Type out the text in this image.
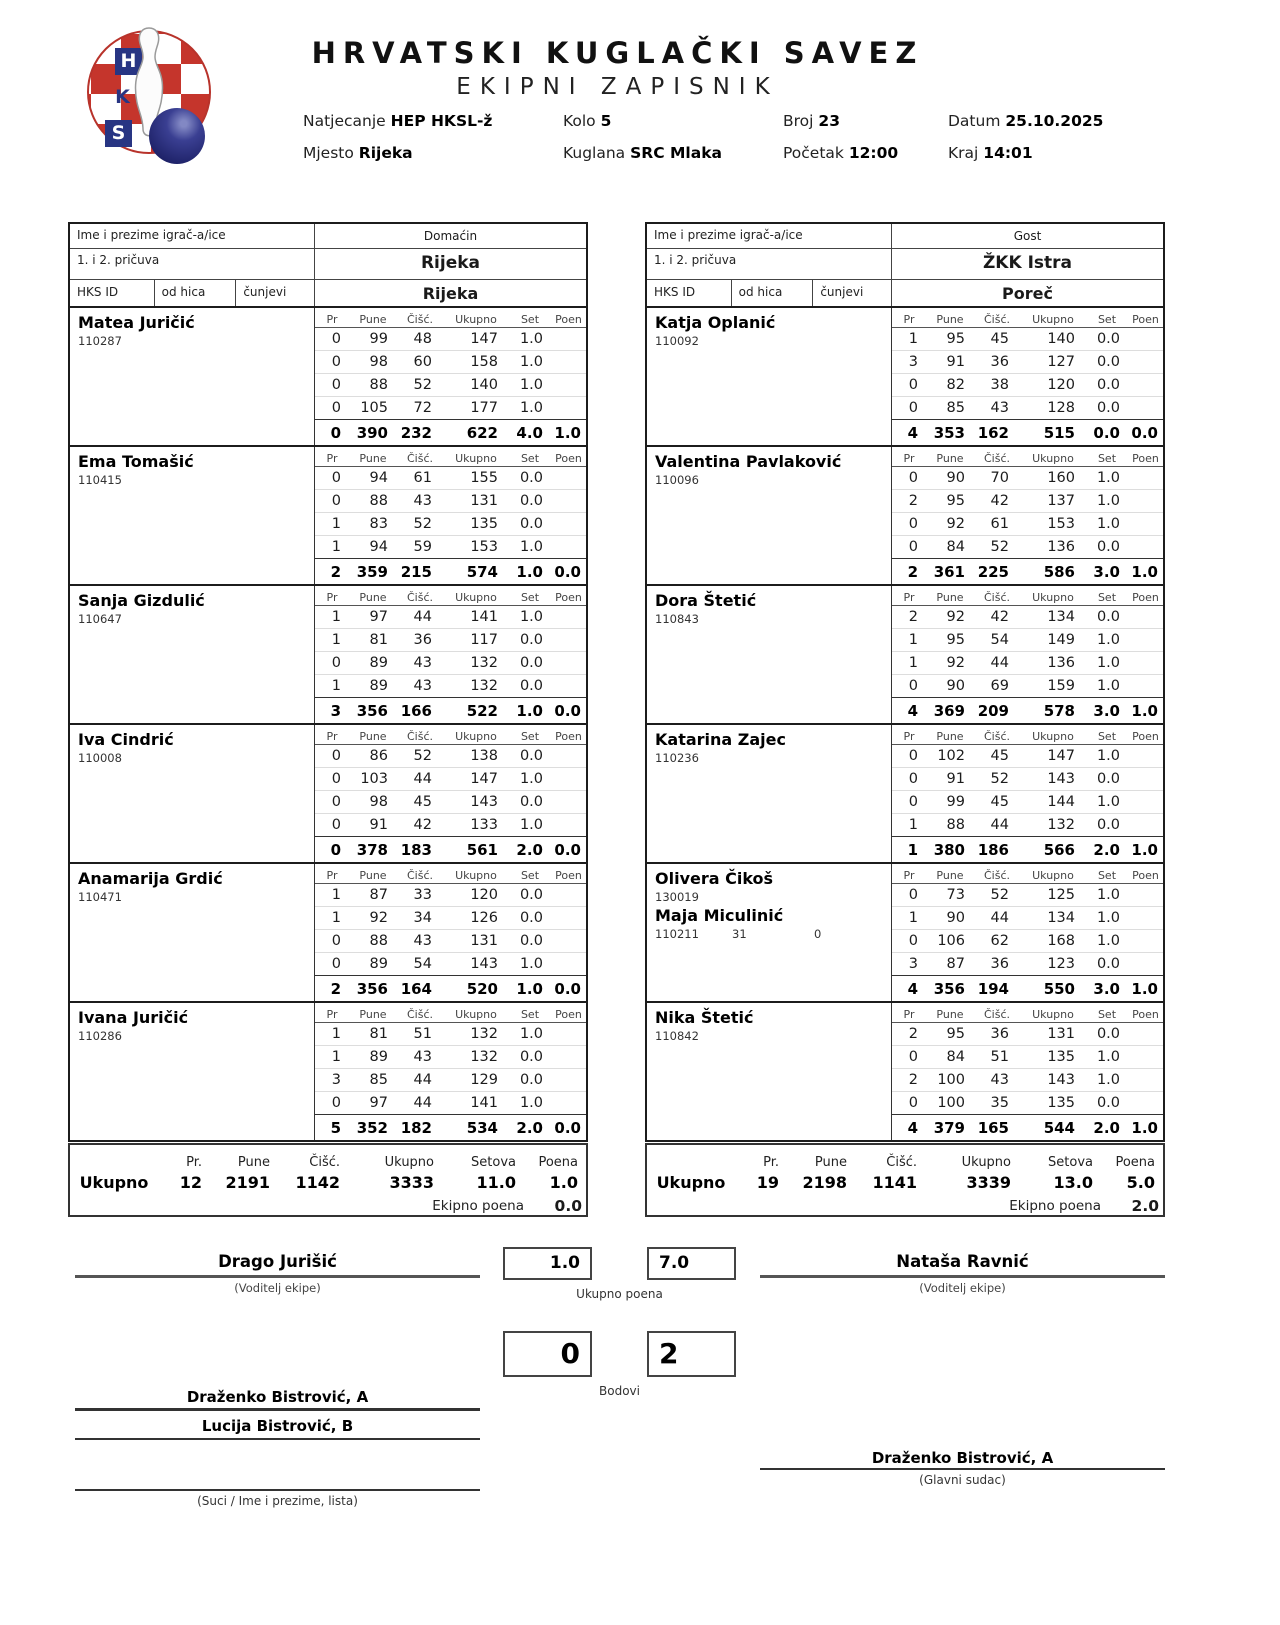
H
K
S
HRVATSKI KUGLAČKI SAVEZ
EKIPNI ZAPISNIK
Natjecanje HEP HKSL-ž	Kolo 5	Broj 23	Datum 25.10.2025
Mjesto Rijeka	Kuglana SRC Mlaka	Početak 12:00	Kraj 14:01
Ime i prezime igrač-a/ice	Domaćin
1. i 2. pričuva	Rijeka
HKS ID	od hica	čunjevi	Rijeka
Matea Juričić
110287
Pr	Pune	Čišć.	Ukupno	Set	Poen
0	99	48	147	1.0
0	98	60	158	1.0
0	88	52	140	1.0
0	105	72	177	1.0
0	390 232	622	4.0 1.0
Ema Tomašić
110415
Pr	Pune	Čišć.	Ukupno	Set	Poen
0	94	61	155	0.0
0	88	43	131	0.0
1	83	52	135	0.0
1	94	59	153	1.0
2	359 215	574	1.0 0.0
Sanja Gizdulić
110647
Pr	Pune	Čišć.	Ukupno	Set	Poen
1	97	44	141	1.0
1	81	36	117	0.0
0	89	43	132	0.0
1	89	43	132	0.0
3	356 166	522	1.0 0.0
Iva Cindrić
110008
Pr	Pune	Čišć.	Ukupno	Set	Poen
0	86	52	138	0.0
0	103	44	147	1.0
0	98	45	143	0.0
0	91	42	133	1.0
0	378 183	561	2.0 0.0
Anamarija Grdić
110471
Pr	Pune	Čišć.	Ukupno	Set	Poen
1	87	33	120	0.0
1	92	34	126	0.0
0	88	43	131	0.0
0	89	54	143	1.0
2	356 164	520	1.0 0.0
Ivana Juričić
110286
Pr	Pune	Čišć.	Ukupno	Set	Poen
1	81	51	132	1.0
1	89	43	132	0.0
3	85	44	129	0.0
0	97	44	141	1.0
5	352 182	534	2.0 0.0
Ime i prezime igrač-a/ice	Gost
1. i 2. pričuva	ŽKK Istra
HKS ID	od hica	čunjevi	Poreč
Katja Oplanić
110092
Pr	Pune	Čišć.	Ukupno	Set	Poen
1	95	45	140	0.0
3	91	36	127	0.0
0	82	38	120	0.0
0	85	43	128	0.0
4	353 162	515	0.0 0.0
Valentina Pavlaković
110096
Pr	Pune	Čišć.	Ukupno	Set	Poen
0	90	70	160	1.0
2	95	42	137	1.0
0	92	61	153	1.0
0	84	52	136	0.0
2	361 225	586	3.0 1.0
Dora Štetić
110843
Pr	Pune	Čišć.	Ukupno	Set	Poen
2	92	42	134	0.0
1	95	54	149	1.0
1	92	44	136	1.0
0	90	69	159	1.0
4	369 209	578	3.0 1.0
Katarina Zajec
110236
Pr	Pune	Čišć.	Ukupno	Set	Poen
0	102	45	147	1.0
0	91	52	143	0.0
0	99	45	144	1.0
1	88	44	132	0.0
1	380 186	566	2.0 1.0
Olivera Čikoš
130019
Maja Miculinić
110211	31	0
Pr	Pune	Čišć.	Ukupno	Set	Poen
0	73	52	125	1.0
1	90	44	134	1.0
0	106	62	168	1.0
3	87	36	123	0.0
4	356 194	550	3.0 1.0
Nika Štetić
110842
Pr	Pune	Čišć.	Ukupno	Set	Poen
2	95	36	131	0.0
0	84	51	135	1.0
2	100	43	143	1.0
0	100	35	135	0.0
4	379 165	544	2.0 1.0
Pr.	Pune	Čišć.	Ukupno	Setova	Poena
Ukupno	12	2191	1142	3333	11.0	1.0
Ekipno poena	0.0
Pr.	Pune	Čišć.	Ukupno	Setova	Poena
Ukupno	19	2198	1141	3339	13.0	5.0
Ekipno poena	2.0
Drago Jurišić
(Voditelj ekipe)
Nataša Ravnić
(Voditelj ekipe)
1.0	7.0
Ukupno poena
0	2
Bodovi
Draženko Bistrović, A
Lucija Bistrović, B
(Suci / Ime i prezime, lista)
Draženko Bistrović, A
(Glavni sudac)
